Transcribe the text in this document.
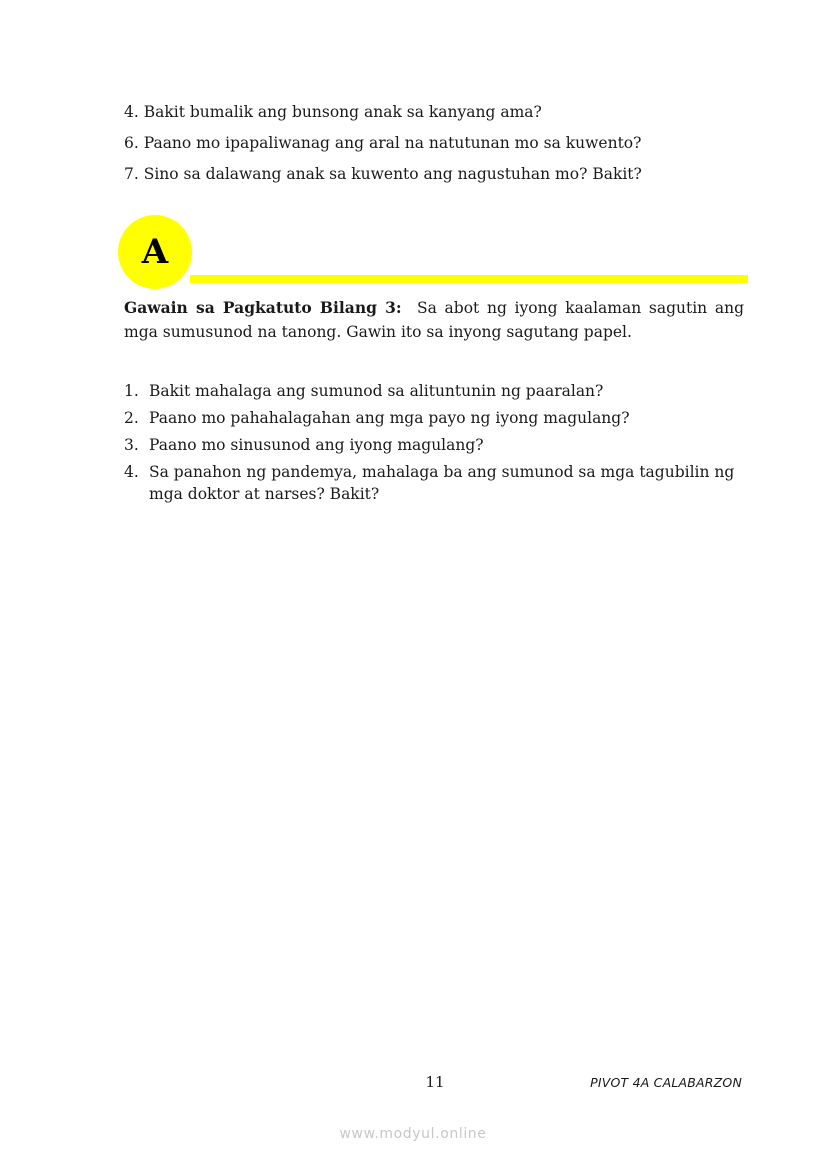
4. Bakit bumalik ang bunsong anak sa kanyang ama?
6. Paano mo ipapaliwanag ang aral na natutunan mo sa kuwento?
7. Sino sa dalawang anak sa kuwento ang nagustuhan mo? Bakit?
A

Gawain sa Pagkatuto Bilang 3: Sa abot ng iyong kaalaman sagutin ang mga sumusunod na tanong. Gawin ito sa inyong sagutang papel.

1. Bakit mahalaga ang sumunod sa alituntunin ng paaralan?
2. Paano mo pahahalagahan ang mga payo ng iyong magulang?
3. Paano mo sinusunod ang iyong magulang?
4. Sa panahon ng pandemya, mahalaga ba ang sumunod sa mga tagubilin ng mga doktor at narses? Bakit?
11	PIVOT 4A CALABARZON
www.modyul.online
